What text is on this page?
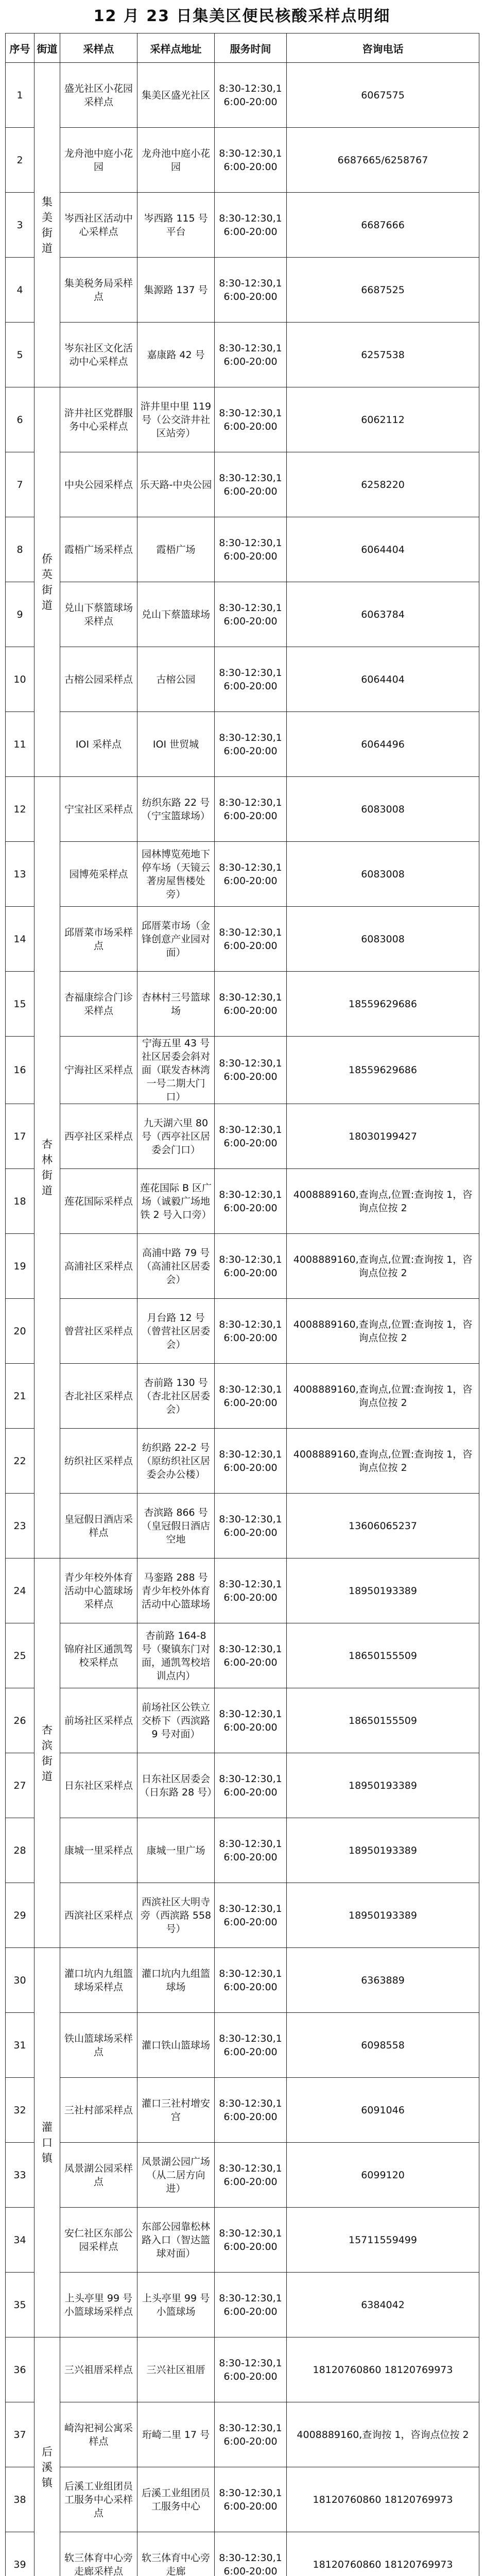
12 月 23 日集美区便民核酸采样点明细
序号	街道	采样点	采样点地址	服务时间	咨询电话
1	集美街道	盛光社区小花园采样点	集美区盛光社区	8:30-12:30,16:00-20:00	6067575
2		龙舟池中庭小花园	龙舟池中庭小花园	8:30-12:30,16:00-20:00	6687665/6258767
3		岑西社区活动中心采样点	岑西路 115 号平台	8:30-12:30,16:00-20:00	6687666
4		集美税务局采样点	集源路 137 号	8:30-12:30,16:00-20:00	6687525
5		岑东社区文化活动中心采样点	嘉康路 42 号	8:30-12:30,16:00-20:00	6257538
6	侨英街道	浒井社区党群服务中心采样点	浒井里中里 119 号（公交浒井社区站旁）	8:30-12:30,16:00-20:00	6062112
7		中央公园采样点	乐天路-中央公园	8:30-12:30,16:00-20:00	6258220
8		霞梧广场采样点	霞梧广场	8:30-12:30,16:00-20:00	6064404
9		兑山下蔡篮球场采样点	兑山下蔡篮球场	8:30-12:30,16:00-20:00	6063784
10		古榕公园采样点	古榕公园	8:30-12:30,16:00-20:00	6064404
11		IOI 采样点	IOI 世贸城	8:30-12:30,16:00-20:00	6064496
12	杏林街道	宁宝社区采样点	纺织东路 22 号（宁宝篮球场）	8:30-12:30,16:00-20:00	6083008
13		园博苑采样点	园林博览苑地下停车场（天镜云著房屋售楼处旁）	8:30-12:30,16:00-20:00	6083008
14		邱厝菜市场采样点	邱厝菜市场（金锋创意产业园对面）	8:30-12:30,16:00-20:00	6083008
15		杏福康综合门诊采样点	杏林村三号篮球场	8:30-12:30,16:00-20:00	18559629686
16		宁海社区采样点	宁海五里 43 号社区居委会斜对面（联发杏林湾一号二期大门口）	8:30-12:30,16:00-20:00	18559629686
17		西亭社区采样点	九天湖六里 80 号（西亭社区居委会门口）	8:30-12:30,16:00-20:00	18030199427
18		莲花国际采样点	莲花国际 B 区广场（诚毅广场地铁 2 号入口旁）	8:30-12:30,16:00-20:00	4008889160,查询点,位置:查询按 1，咨询点位按 2
19		高浦社区采样点	高浦中路 79 号（高浦社区居委会）	8:30-12:30,16:00-20:00	4008889160,查询点,位置:查询按 1，咨询点位按 2
20		曾营社区采样点	月台路 12 号（曾营社区居委会）	8:30-12:30,16:00-20:00	4008889160,查询点,位置:查询按 1，咨询点位按 2
21		杏北社区采样点	杏前路 130 号（杏北社区居委会）	8:30-12:30,16:00-20:00	4008889160,查询点,位置:查询按 1，咨询点位按 2
22		纺织社区采样点	纺织路 22-2 号（原纺织社区居委会办公楼）	8:30-12:30,16:00-20:00	4008889160,查询点,位置:查询按 1，咨询点位按 2
23		皇冠假日酒店采样点	杏滨路 866 号（皇冠假日酒店空地	8:30-12:30,16:00-20:00	13606065237
24	杏滨街道	青少年校外体育活动中心篮球场采样点	马銮路 288 号青少年校外体育活动中心篮球场	8:30-12:30,16:00-20:00	18950193389
25		锦府社区通凯驾校采样点	杏前路 164-8 号（聚镇东门对面，通凯驾校培训点内）	8:30-12:30,16:00-20:00	18650155509
26		前场社区采样点	前场社区公铁立交桥下（西滨路 9 号对面）	8:30-12:30,16:00-20:00	18650155509
27		日东社区采样点	日东社区居委会（日东路 28 号）	8:30-12:30,16:00-20:00	18950193389
28		康城一里采样点	康城一里广场	8:30-12:30,16:00-20:00	18950193389
29		西滨社区采样点	西滨社区大明寺旁（西滨路 558 号）	8:30-12:30,16:00-20:00	18950193389
30	灌口镇	灌口坑内九组篮球场采样点	灌口坑内九组篮球场	8:30-12:30,16:00-20:00	6363889
31		铁山篮球场采样点	灌口铁山篮球场	8:30-12:30,16:00-20:00	6098558
32		三社村部采样点	灌口三社村增安宫	8:30-12:30,16:00-20:00	6091046
33		凤景湖公园采样点	凤景湖公园广场（从二居方向进）	8:30-12:30,16:00-20:00	6099120
34		安仁社区东部公园采样点	东部公园靠松林路入口（智达篮球对面）	8:30-12:30,16:00-20:00	15711559499
35		上头亭里 99 号小篮球场采样点	上头亭里 99 号小篮球场	8:30-12:30,16:00-20:00	6384042
36	后溪镇	三兴祖厝采样点	三兴社区祖厝	8:30-12:30,16:00-20:00	18120760860 18120769973
37		崎沟祀祠公寓采样点	珩崎二里 17 号	8:30-12:30,16:00-20:00	4008889160,查询按 1，咨询点位按 2
38		后溪工业组团员工服务中心采样点	后溪工业组团员工服务中心	8:30-12:30,16:00-20:00	18120760860 18120769973
39		软三体育中心旁走廊采样点	软三体育中心旁走廊	8:30-12:30,16:00-20:00	18120760860 18120769973
